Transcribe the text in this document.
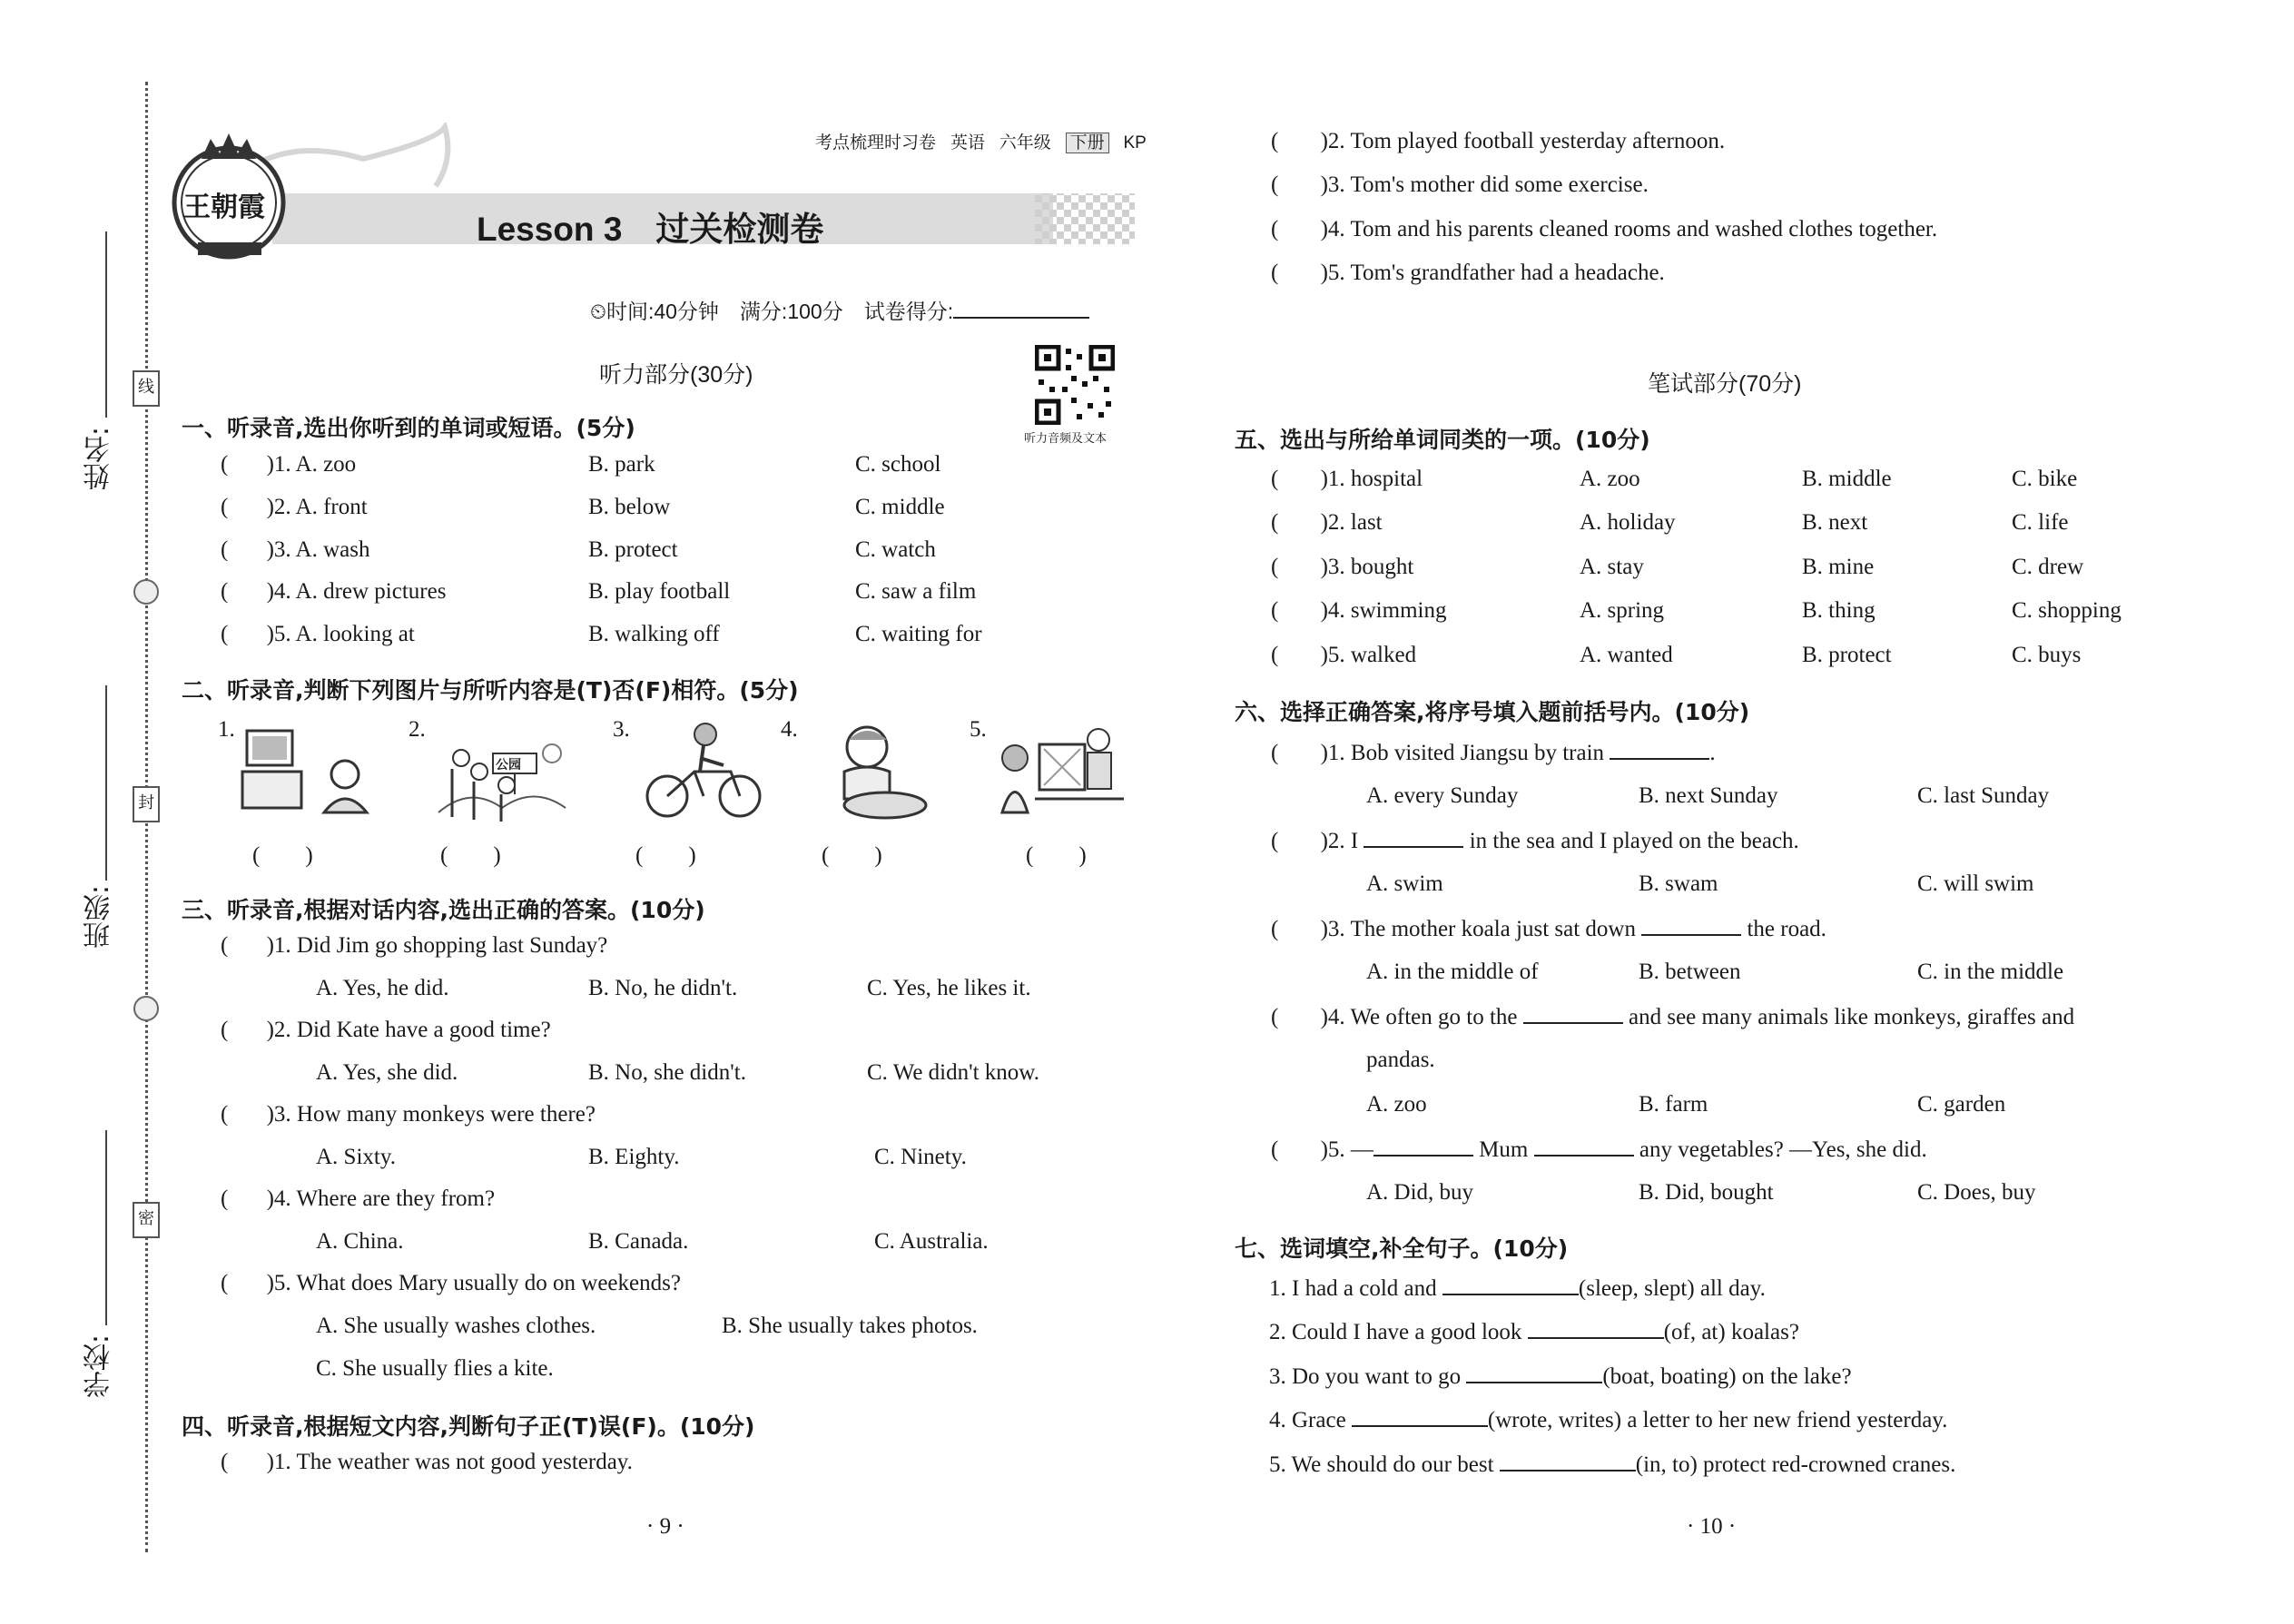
姓名:
班级:
学校:
线
封
密
王朝霞
考点梳理时习卷 英语 六年级 下册 KP
Lesson 3　过关检测卷
⏲时间:40分钟　满分:100分　试卷得分:
听力音频及文本
听力部分(30分)
一、听录音,选出你听到的单词或短语。(5分)
( )1. A. zoo	B. park	C. school
( )2. A. front	B. below	C. middle
( )3. A. wash	B. protect	C. watch
( )4. A. drew pictures	B. play football	C. saw a film
( )5. A. looking at	B. walking off	C. waiting for
二、听录音,判断下列图片与所听内容是(T)否(F)相符。(5分)
1.
(　　)
2.
公园
(　　)
3.
(　　)
4.
(　　)
5.
(　　)
三、听录音,根据对话内容,选出正确的答案。(10分)
( )1. Did Jim go shopping last Sunday?
A. Yes, he did.	B. No, he didn't.	C. Yes, he likes it.
( )2. Did Kate have a good time?
A. Yes, she did.	B. No, she didn't.	C. We didn't know.
( )3. How many monkeys were there?
A. Sixty.	B. Eighty.	C. Ninety.
( )4. Where are they from?
A. China.	B. Canada.	C. Australia.
( )5. What does Mary usually do on weekends?
A. She usually washes clothes.	B. She usually takes photos.
C. She usually flies a kite.
四、听录音,根据短文内容,判断句子正(T)误(F)。(10分)
( )1. The weather was not good yesterday.
· 9 ·
( )2. Tom played football yesterday afternoon.
( )3. Tom's mother did some exercise.
( )4. Tom and his parents cleaned rooms and washed clothes together.
( )5. Tom's grandfather had a headache.
笔试部分(70分)
五、选出与所给单词同类的一项。(10分)
( )1. hospital	A. zoo	B. middle	C. bike
( )2. last	A. holiday	B. next	C. life
( )3. bought	A. stay	B. mine	C. drew
( )4. swimming	A. spring	B. thing	C. shopping
( )5. walked	A. wanted	B. protect	C. buys
六、选择正确答案,将序号填入题前括号内。(10分)
( )1. Bob visited Jiangsu by train	.
A. every Sunday	B. next Sunday	C. last Sunday
( )2. I	in the sea and I played on the beach.
A. swim	B. swam	C. will swim
( )3. The mother koala just sat down	the road.
A. in the middle of	B. between	C. in the middle
( )4. We often go to the	and see many animals like monkeys, giraffes and
pandas.
A. zoo	B. farm	C. garden
( )5. —	Mum	any vegetables? —Yes, she did.
A. Did, buy	B. Did, bought	C. Does, buy
七、选词填空,补全句子。(10分)
1. I had a cold and	(sleep, slept) all day.
2. Could I have a good look	(of, at) koalas?
3. Do you want to go	(boat, boating) on the lake?
4. Grace	(wrote, writes) a letter to her new friend yesterday.
5. We should do our best	(in, to) protect red-crowned cranes.
· 10 ·
